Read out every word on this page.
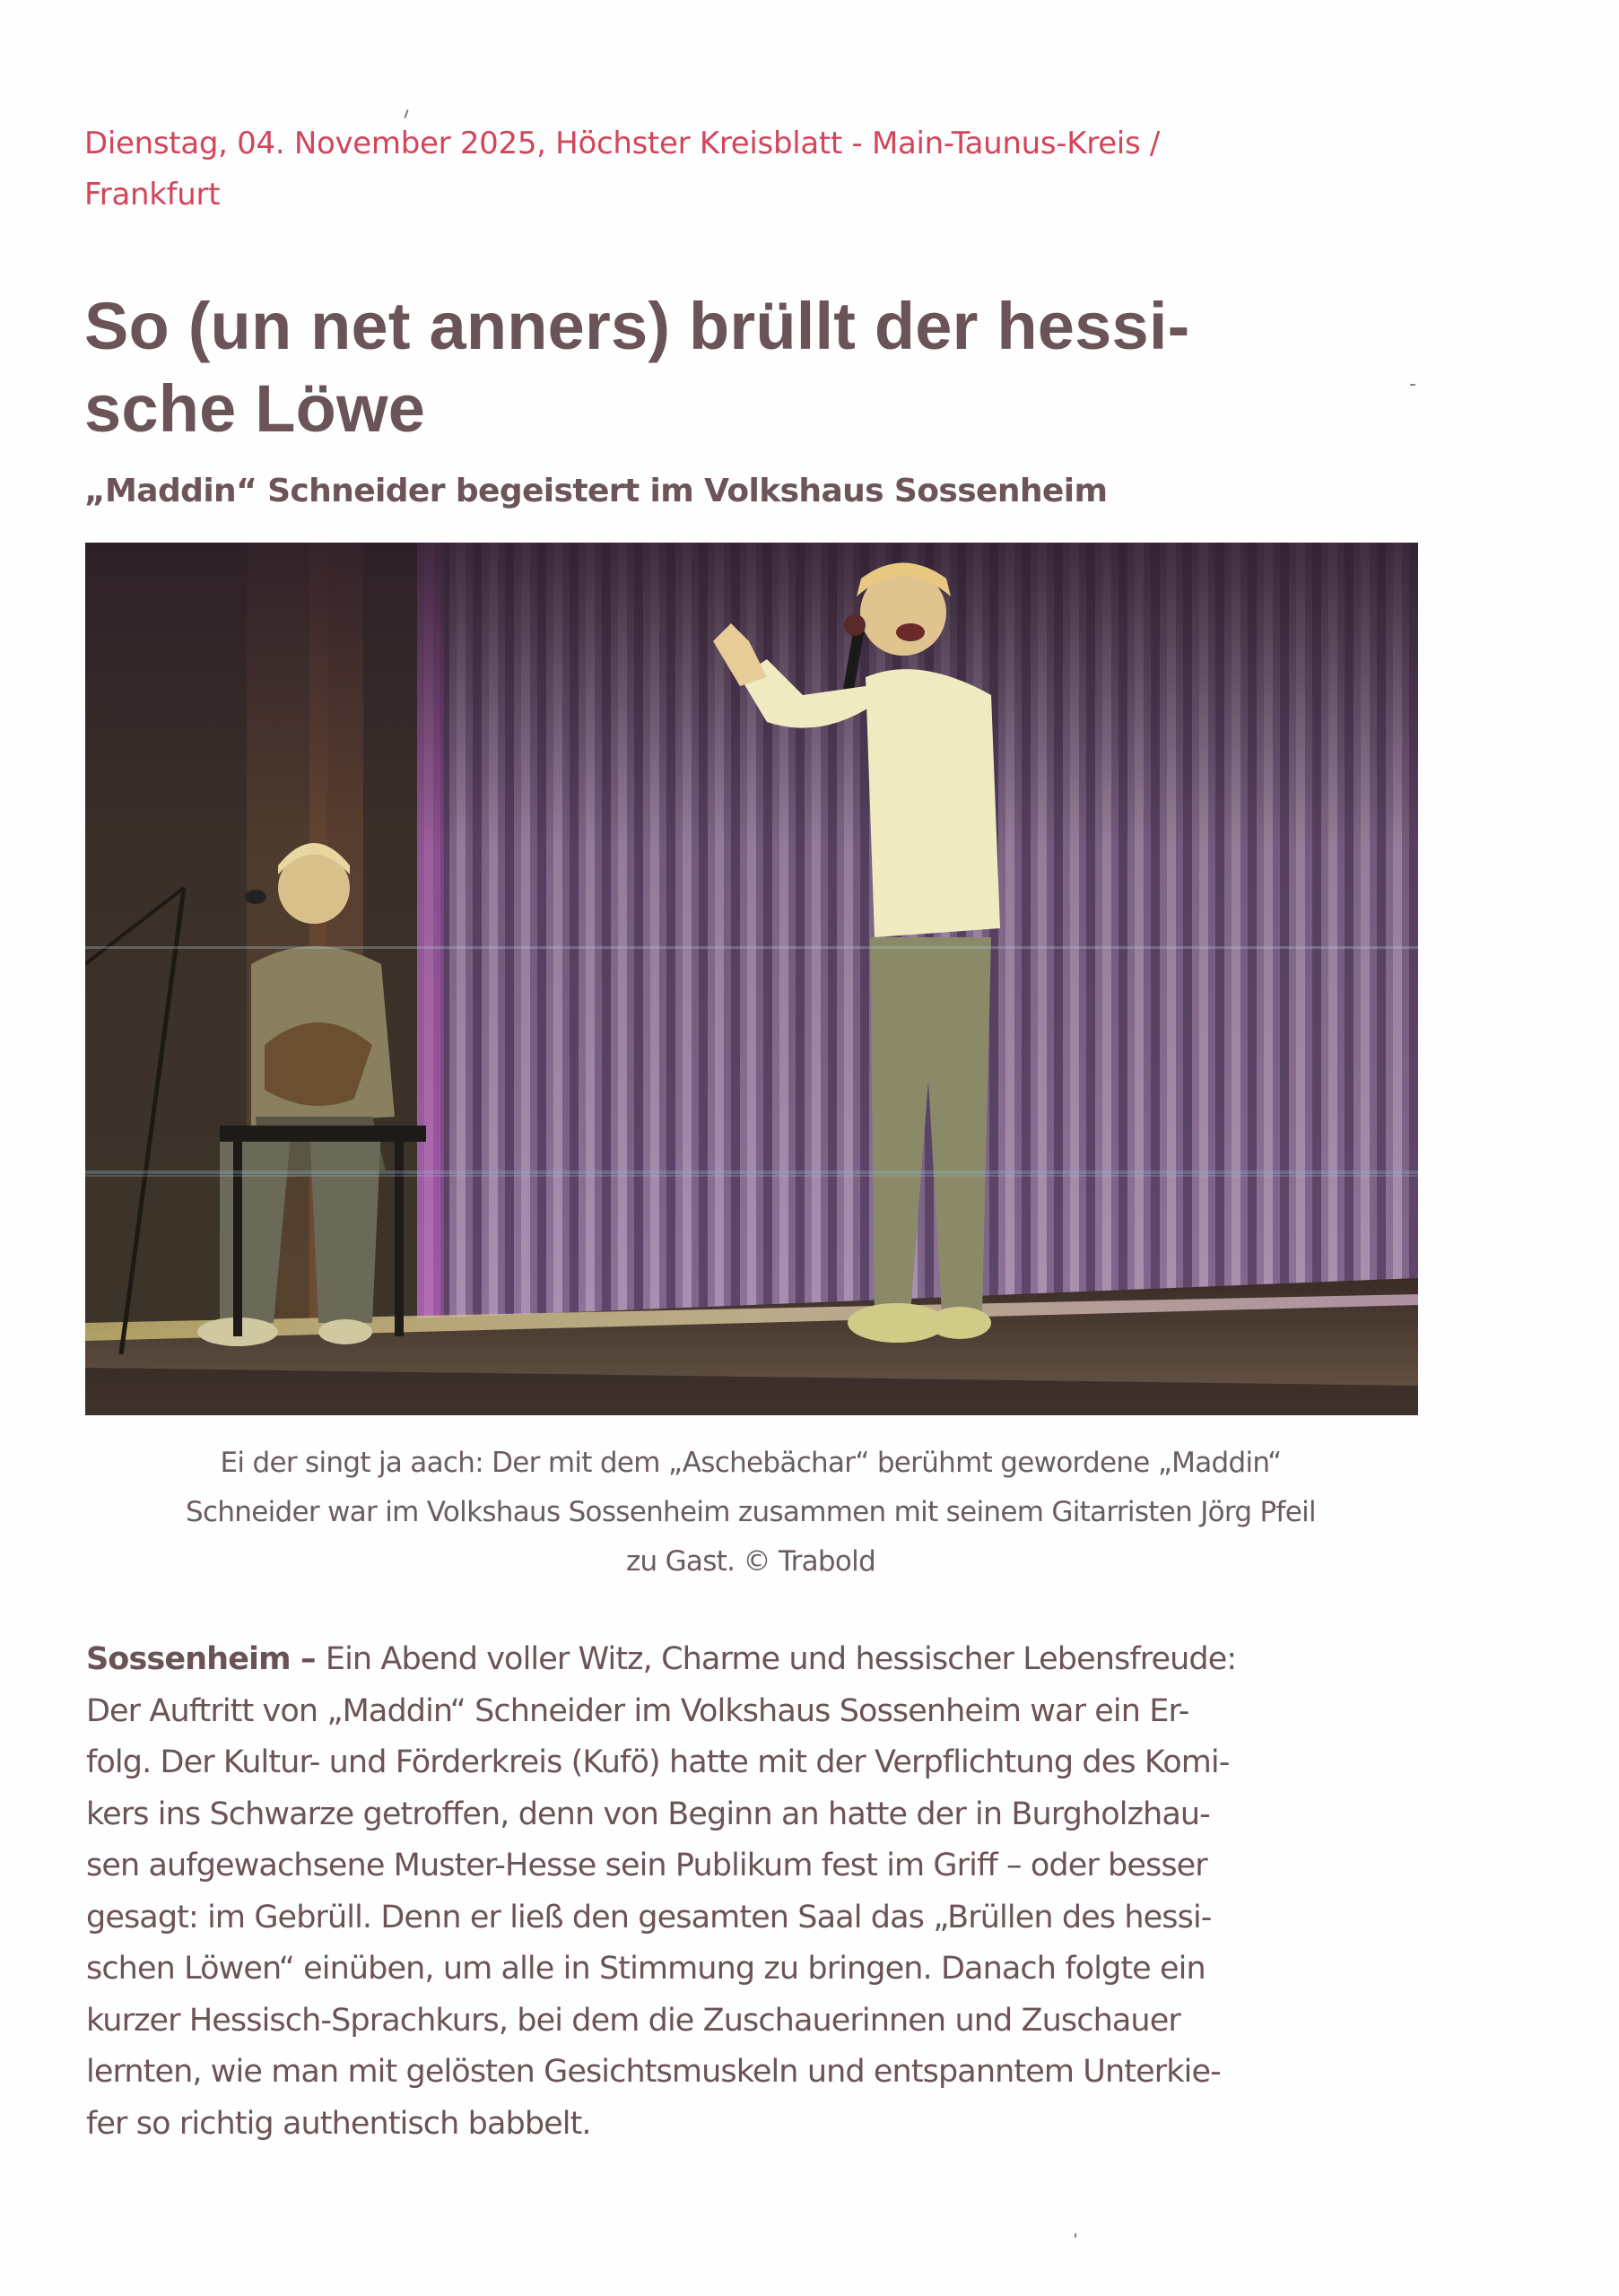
Dienstag, 04. November 2025, Höchster Kreisblatt - Main-Taunus-Kreis /
Frankfurt
So (un net anners) brüllt der hessi-
sche Löwe
„Maddin“ Schneider begeistert im Volkshaus Sossenheim
Ei der singt ja aach: Der mit dem „Aschebächar“ berühmt gewordene „Maddin“
Schneider war im Volkshaus Sossenheim zusammen mit seinem Gitarristen Jörg Pfeil
zu Gast. © Trabold
Sossenheim – Ein Abend voller Witz, Charme und hessischer Lebensfreude:
Der Auftritt von „Maddin“ Schneider im Volkshaus Sossenheim war ein Er-
folg. Der Kultur- und Förderkreis (Kufö) hatte mit der Verpflichtung des Komi-
kers ins Schwarze getroffen, denn von Beginn an hatte der in Burgholzhau-
sen aufgewachsene Muster-Hesse sein Publikum fest im Griff – oder besser
gesagt: im Gebrüll. Denn er ließ den gesamten Saal das „Brüllen des hessi-
schen Löwen“ einüben, um alle in Stimmung zu bringen. Danach folgte ein
kurzer Hessisch-Sprachkurs, bei dem die Zuschauerinnen und Zuschauer
lernten, wie man mit gelösten Gesichtsmuskeln und entspanntem Unterkie-
fer so richtig authentisch babbelt.
